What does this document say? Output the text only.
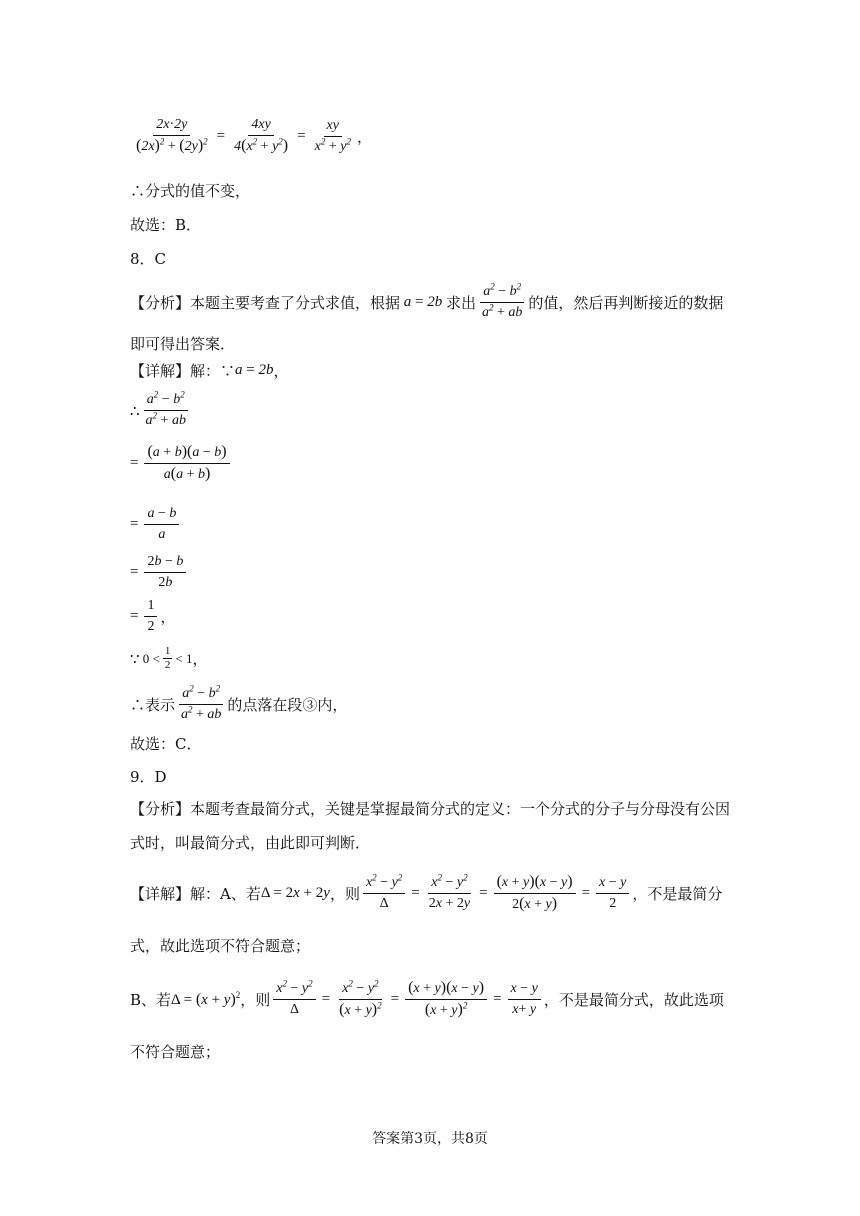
$\frac{2x\cdot 2y}{(2x)^2 + (2y)^2} = \frac{4xy}{4(x^2 + y^2)} = \frac{xy}{x^2 + y^2}$ ，
∴分式的值不变，
故选：B．
8．C
【分析】本题主要考查了分式求值，根据 a = 2b 求出 $\frac{a^2 - b^2}{a^2 + ab}$ 的值，然后再判断接近的数据
即可得出答案．
【详解】解：∵ a = 2b ，
∴ $\frac{a^2 - b^2}{a^2 + ab}$
= $\frac{(a + b)(a - b)}{a(a + b)}$
= $\frac{a - b}{a}$
= $\frac{2b - b}{2b}$
= $\frac{1}{2}$ ，
∵ $0 < \frac{1}{2} < 1$ ，
∴表示 $\frac{a^2 - b^2}{a^2 + ab}$ 的点落在段③内，
故选：C．
9．D
【分析】本题考查最简分式，关键是掌握最简分式的定义：一个分式的分子与分母没有公因式时，叫最简分式，由此即可判断．
【详解】解：A、若 Δ = 2x + 2y ，则 $\frac{x^2 - y^2}{\Delta} = \frac{x^2 - y^2}{2x + 2y} = \frac{(x + y)(x - y)}{2(x + y)} = \frac{x - y}{2}$ ，不是最简分
式，故此选项不符合题意；
B、若 $\Delta = (x + y)^2$ ，则 $\frac{x^2 - y^2}{\Delta} = \frac{x^2 - y^2}{(x + y)^2} = \frac{(x + y)(x - y)}{(x + y)^2} = \frac{x - y}{x+ y}$ ，不是最简分式，故此选项
不符合题意；
答案第3页，共8页
